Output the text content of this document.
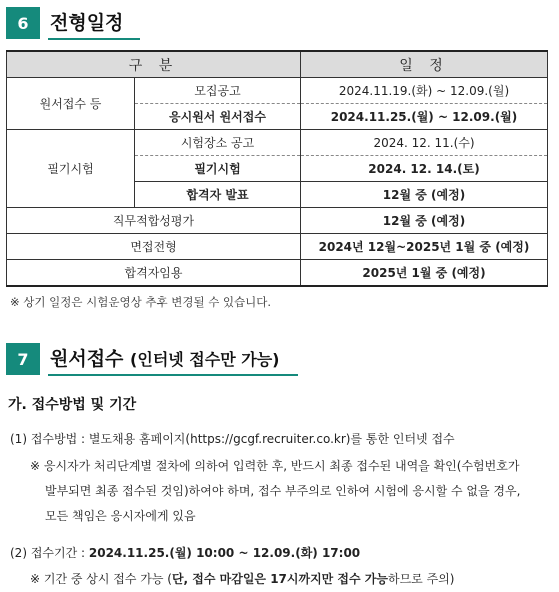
6	전형일정
구 분		일 정
원서접수 등	모집공고	2024.11.19.(화) ~ 12.09.(월)
	응시원서 원서접수	2024.11.25.(월) ~ 12.09.(월)
필기시험	시험장소 공고	2024. 12. 11.(수)
	필기시험	2024. 12. 14.(토)
	합격자 발표	12월 중 (예정)
직무적합성평가		12월 중 (예정)
면접전형		2024년 12월~2025년 1월 중 (예정)
합격자임용		2025년 1월 중 (예정)
※ 상기 일정은 시험운영상 추후 변경될 수 있습니다.
7	원서접수 (인터넷 접수만 가능)
가. 접수방법 및 기간
(1) 접수방법 : 별도채용 홈페이지(https://gcgf.recruiter.co.kr)를 통한 인터넷 접수
※ 응시자가 처리단계별 절차에 의하여 입력한 후, 반드시 최종 접수된 내역을 확인(수험번호가
발부되면 최종 접수된 것임)하여야 하며, 접수 부주의로 인하여 시험에 응시할 수 없을 경우,
모든 책임은 응시자에게 있음
(2) 접수기간 : 2024.11.25.(월) 10:00 ~ 12.09.(화) 17:00
※ 기간 중 상시 접수 가능 (단, 접수 마감일은 17시까지만 접수 가능하므로 주의)
